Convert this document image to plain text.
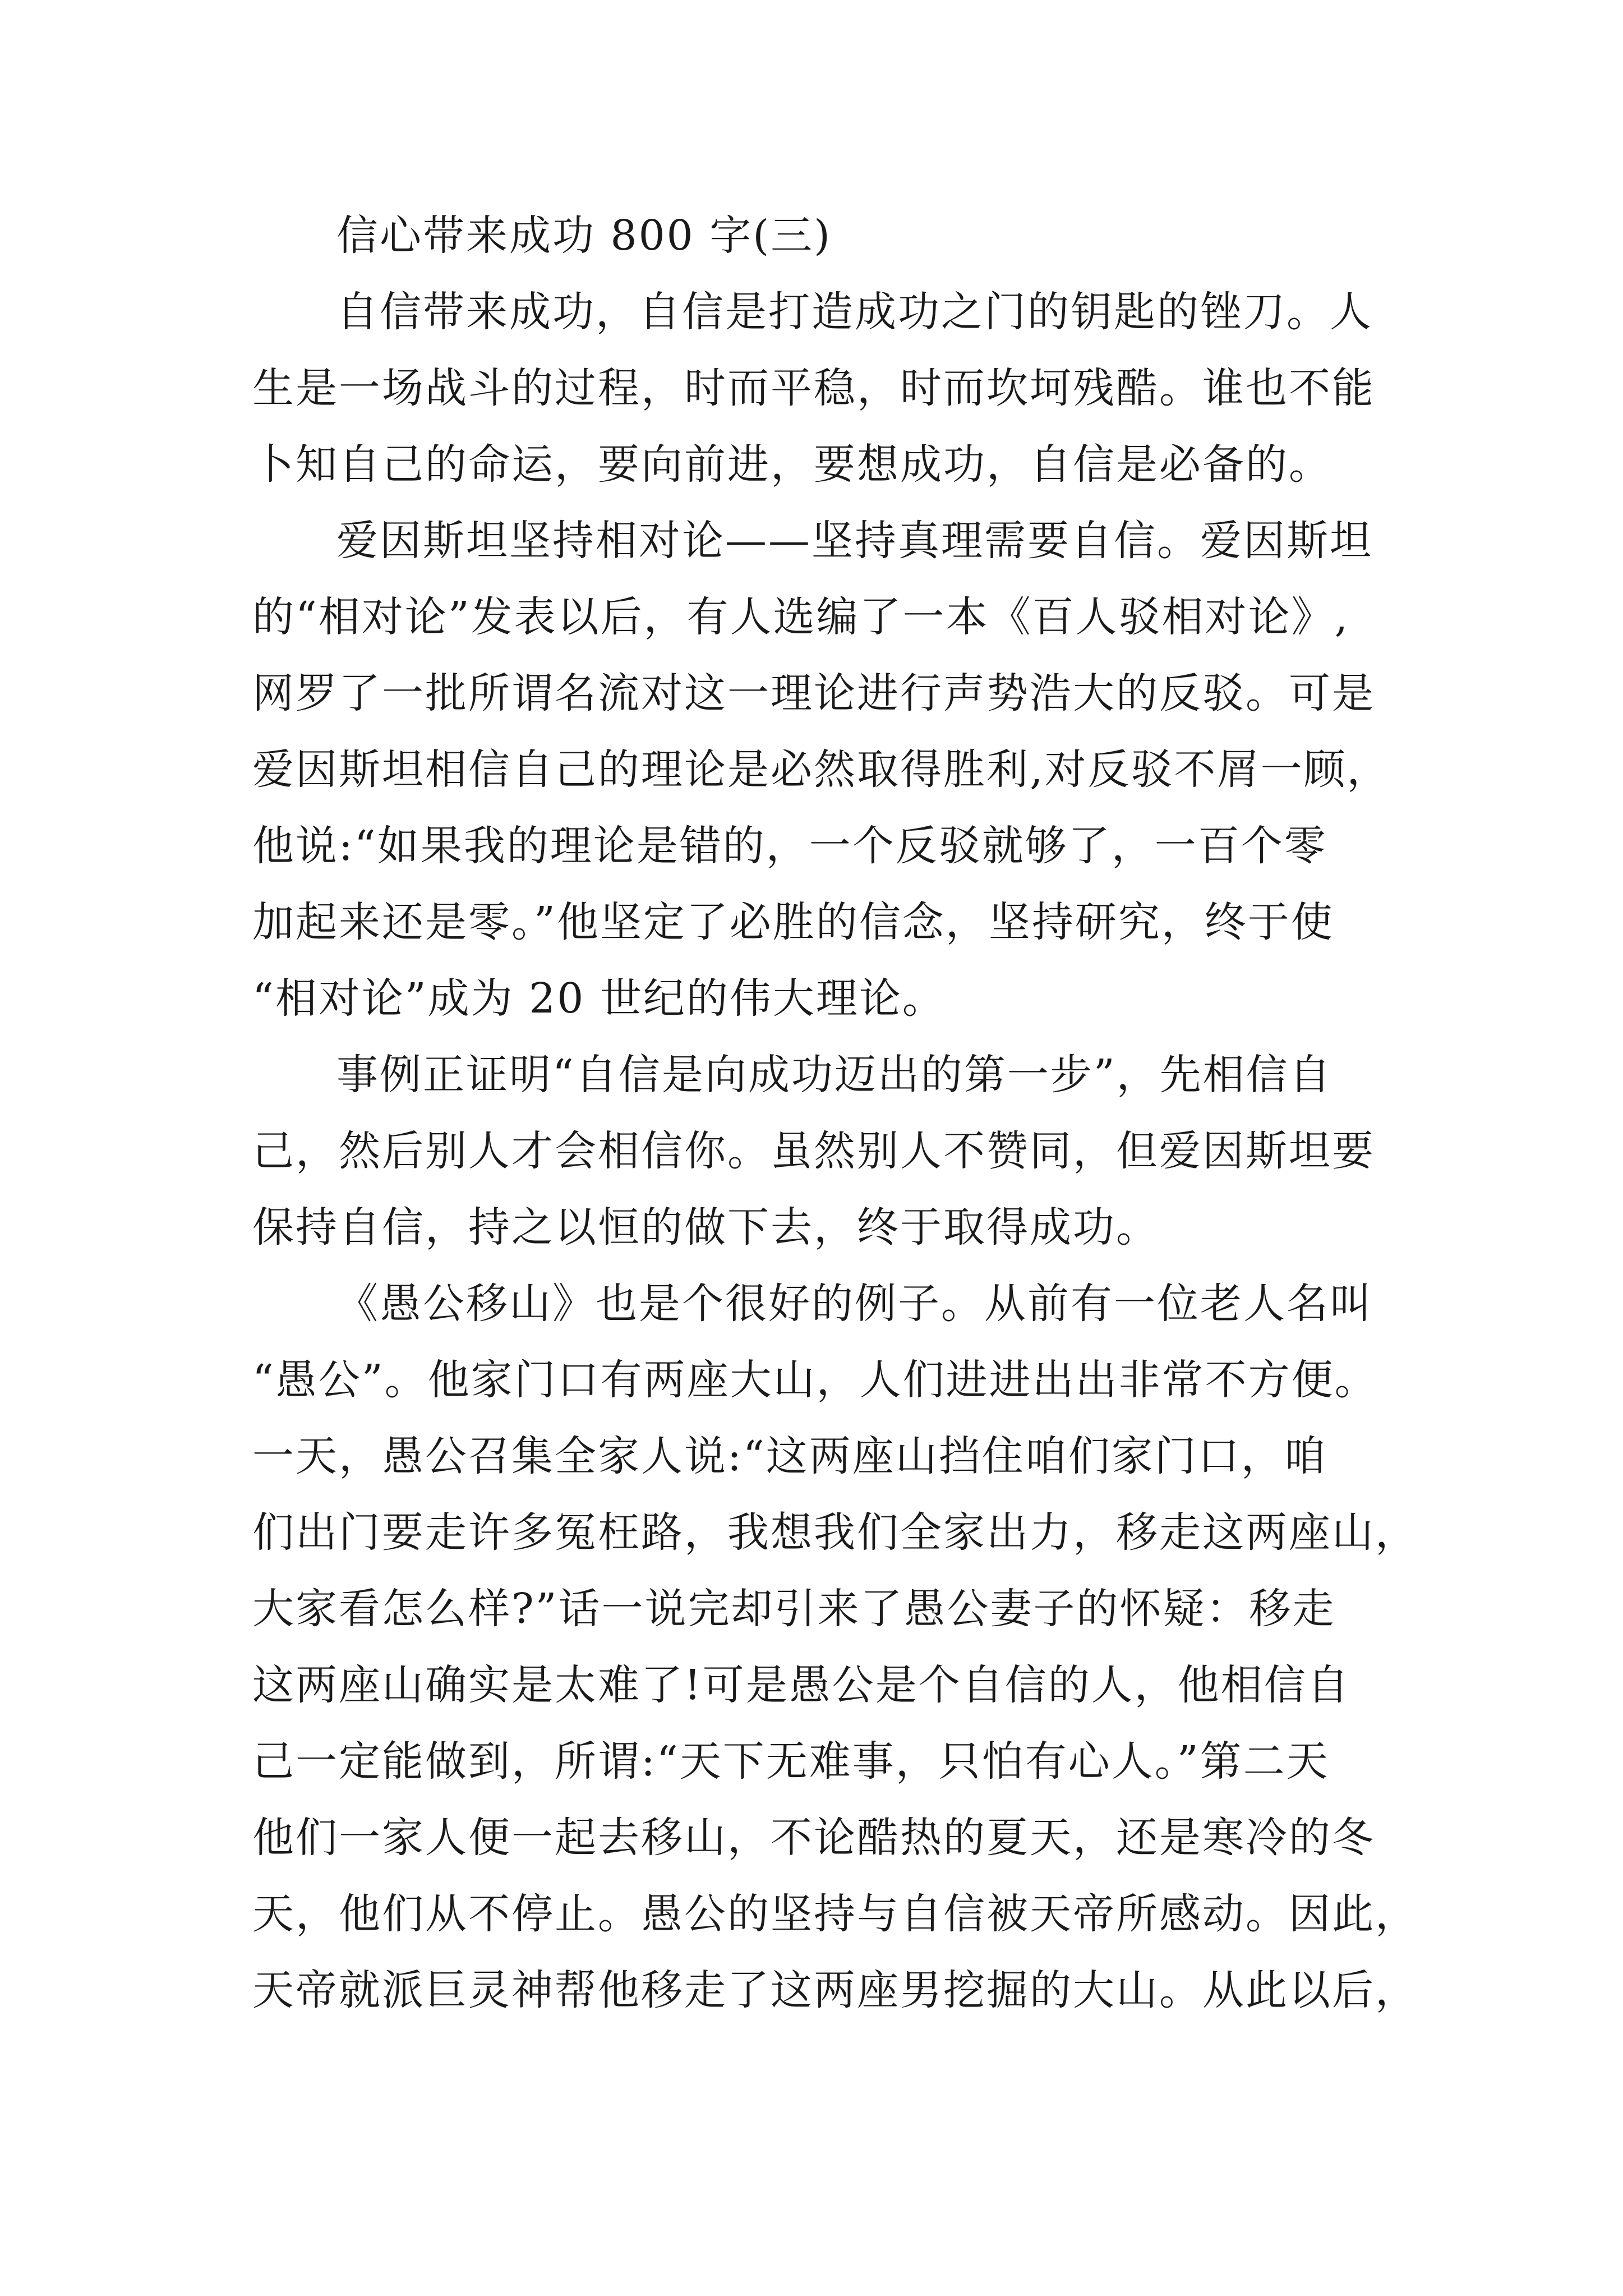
信心带来成功 800 字(三)
自信带来成功，自信是打造成功之门的钥匙的锉刀。人
生是一场战斗的过程，时而平稳，时而坎坷残酷。谁也不能
卜知自己的命运，要向前进，要想成功，自信是必备的。
爱因斯坦坚持相对论——坚持真理需要自信。爱因斯坦
的“相对论”发表以后，有人选编了一本《百人驳相对论》,
网罗了一批所谓名流对这一理论进行声势浩大的反驳。可是
爱因斯坦相信自己的理论是必然取得胜利,对反驳不屑一顾，
他说:“如果我的理论是错的，一个反驳就够了，一百个零
加起来还是零。”他坚定了必胜的信念，坚持研究，终于使
“相对论”成为 20 世纪的伟大理论。
事例正证明“自信是向成功迈出的第一步”，先相信自
己，然后别人才会相信你。虽然别人不赞同，但爱因斯坦要
保持自信，持之以恒的做下去，终于取得成功。
《愚公移山》也是个很好的例子。从前有一位老人名叫
“愚公”。他家门口有两座大山，人们进进出出非常不方便。
一天，愚公召集全家人说:“这两座山挡住咱们家门口，咱
们出门要走许多冤枉路，我想我们全家出力，移走这两座山，
大家看怎么样?”话一说完却引来了愚公妻子的怀疑：移走
这两座山确实是太难了!可是愚公是个自信的人，他相信自
己一定能做到，所谓:“天下无难事，只怕有心人。”第二天
他们一家人便一起去移山，不论酷热的夏天，还是寒冷的冬
天，他们从不停止。愚公的坚持与自信被天帝所感动。因此，
天帝就派巨灵神帮他移走了这两座男挖掘的大山。从此以后，
